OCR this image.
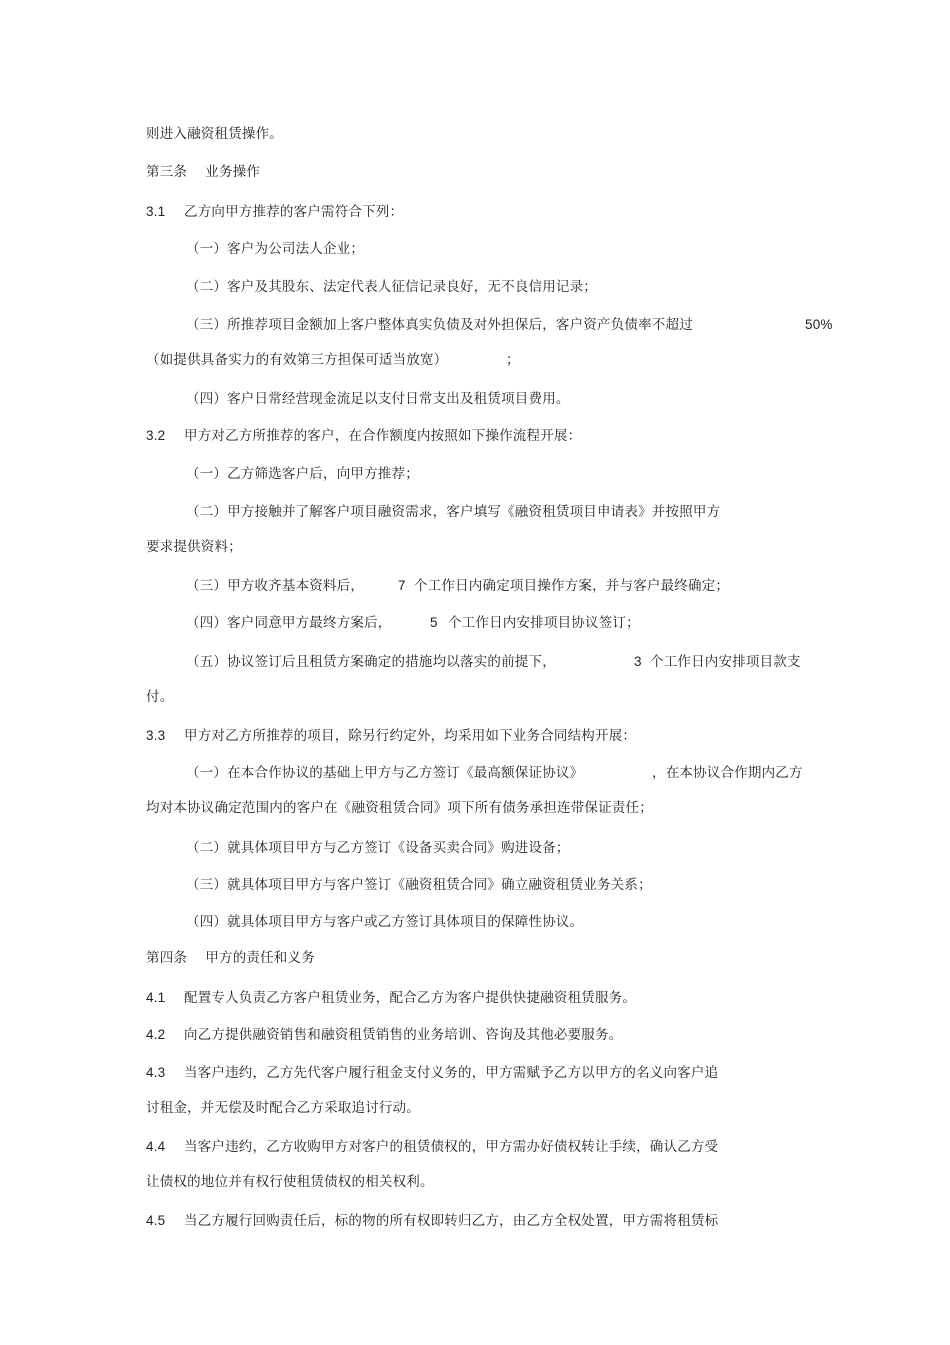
则进入融资租赁操作。
第三条　 业务操作
3.1 乙方向甲方推荐的客户需符合下列：
（一）客户为公司法人企业；
（二）客户及其股东、法定代表人征信记录良好，无不良信用记录；
（三）所推荐项目金额加上客户整体真实负债及对外担保后，客户资产负债率不超过	50%
（如提供具备实力的有效第三方担保可适当放宽）	；
（四）客户日常经营现金流足以支付日常支出及租赁项目费用。
3.2 甲方对乙方所推荐的客户，在合作额度内按照如下操作流程开展：
（一）乙方筛选客户后，向甲方推荐；
（二）甲方接触并了解客户项目融资需求，客户填写《融资租赁项目申请表》并按照甲方
要求提供资料；
（三）甲方收齐基本资料后，	7 个工作日内确定项目操作方案，并与客户最终确定；
（四）客户同意甲方最终方案后，	5 个工作日内安排项目协议签订；
（五）协议签订后且租赁方案确定的措施均以落实的前提下，	3 个工作日内安排项目款支
付。
3.3 甲方对乙方所推荐的项目，除另行约定外，均采用如下业务合同结构开展：
（一）在本合作协议的基础上甲方与乙方签订《最高额保证协议》	，在本协议合作期内乙方
均对本协议确定范围内的客户在《融资租赁合同》项下所有债务承担连带保证责任；
（二）就具体项目甲方与乙方签订《设备买卖合同》购进设备；
（三）就具体项目甲方与客户签订《融资租赁合同》确立融资租赁业务关系；
（四）就具体项目甲方与客户或乙方签订具体项目的保障性协议。
第四条　 甲方的责任和义务
4.1 配置专人负责乙方客户租赁业务，配合乙方为客户提供快捷融资租赁服务。
4.2 向乙方提供融资销售和融资租赁销售的业务培训、咨询及其他必要服务。
4.3 当客户违约，乙方先代客户履行租金支付义务的，甲方需赋予乙方以甲方的名义向客户追
讨租金，并无偿及时配合乙方采取追讨行动。
4.4 当客户违约，乙方收购甲方对客户的租赁债权的，甲方需办好债权转让手续，确认乙方受
让债权的地位并有权行使租赁债权的相关权利。
4.5 当乙方履行回购责任后，标的物的所有权即转归乙方，由乙方全权处置，甲方需将租赁标
